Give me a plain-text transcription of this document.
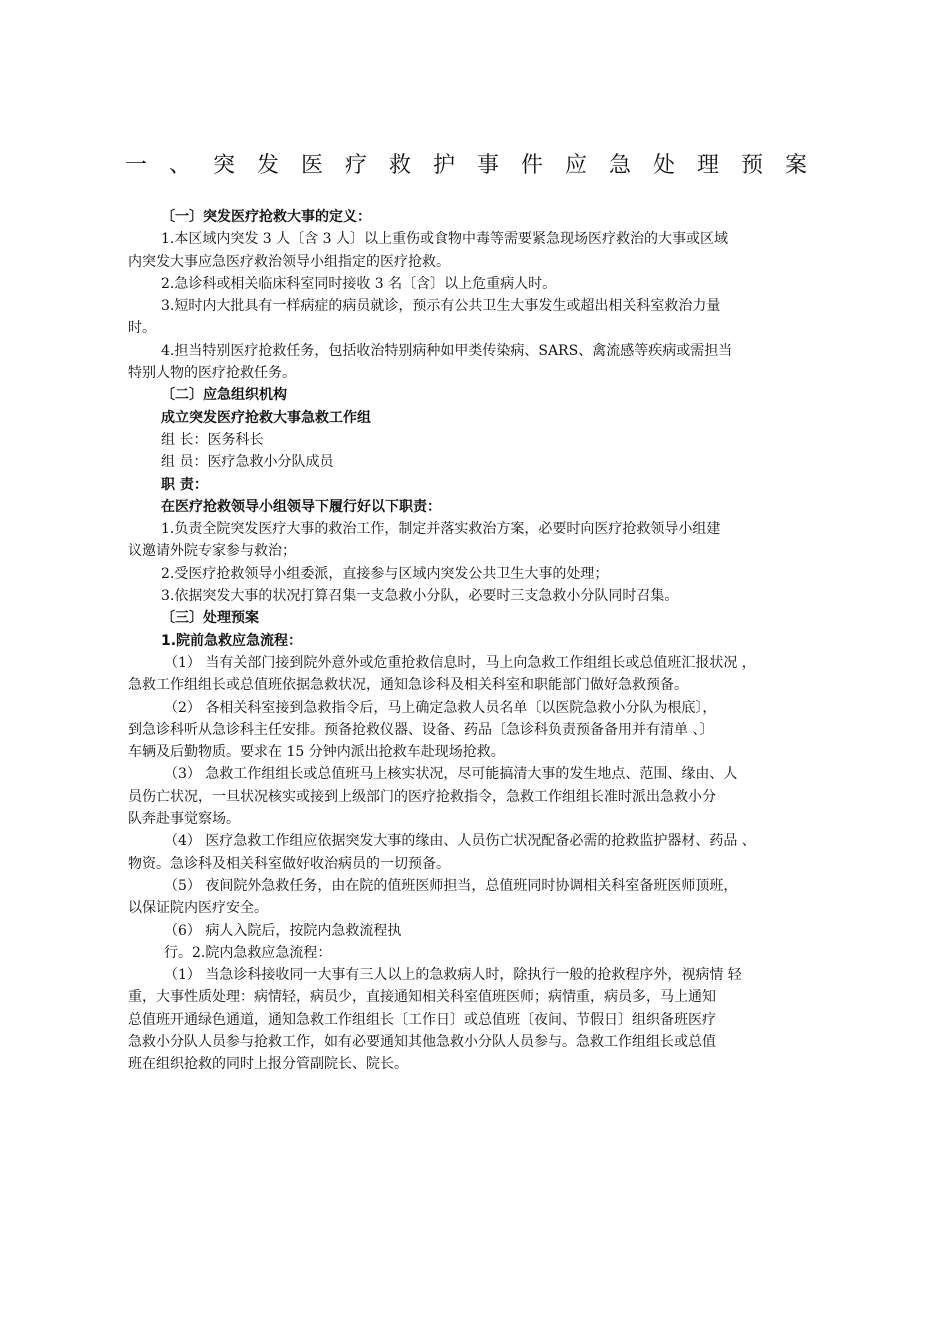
一、突发医疗救护事件应急处理预案

〔一〕突发医疗抢救大事的定义：

1.本区域内突发 3 人〔含 3 人〕以上重伤或食物中毒等需要紧急现场医疗救治的大事或区域

内突发大事应急医疗救治领导小组指定的医疗抢救。

2.急诊科或相关临床科室同时接收 3 名〔含〕以上危重病人时。

3.短时内大批具有一样病症的病员就诊，预示有公共卫生大事发生或超出相关科室救治力量

时。

4.担当特别医疗抢救任务，包括收治特别病种如甲类传染病、SARS、禽流感等疾病或需担当

特别人物的医疗抢救任务。

〔二〕应急组织机构

成立突发医疗抢救大事急救工作组

组 长：医务科长

组 员：医疗急救小分队成员

职 责：

在医疗抢救领导小组领导下履行好以下职责：

1.负责全院突发医疗大事的救治工作，制定并落实救治方案，必要时向医疗抢救领导小组建

议邀请外院专家参与救治；

2.受医疗抢救领导小组委派，直接参与区域内突发公共卫生大事的处理；

3.依据突发大事的状况打算召集一支急救小分队，必要时三支急救小分队同时召集。

〔三〕处理预案

1.院前急救应急流程：

（1） 当有关部门接到院外意外或危重抢救信息时，马上向急救工作组组长或总值班汇报状况 ，

急救工作组组长或总值班依据急救状况，通知急诊科及相关科室和职能部门做好急救预备。

（2） 各相关科室接到急救指令后，马上确定急救人员名单〔以医院急救小分队为根底〕，

到急诊科听从急诊科主任安排。预备抢救仪器、设备、药品〔急诊科负责预备备用并有清单 、〕

车辆及后勤物质。要求在 15 分钟内派出抢救车赴现场抢救。

（3） 急救工作组组长或总值班马上核实状况，尽可能搞清大事的发生地点、范围、缘由、人

员伤亡状况，一旦状况核实或接到上级部门的医疗抢救指令，急救工作组组长准时派出急救小分

队奔赴事觉察场。

（4） 医疗急救工作组应依据突发大事的缘由、人员伤亡状况配备必需的抢救监护器材、药品 、

物资。急诊科及相关科室做好收治病员的一切预备。

（5） 夜间院外急救任务，由在院的值班医师担当，总值班同时协调相关科室备班医师顶班，

以保证院内医疗安全。

（6） 病人入院后，按院内急救流程执

行。2.院内急救应急流程：

（1） 当急诊科接收同一大事有三人以上的急救病人时，除执行一般的抢救程序外，视病情 轻

重，大事性质处理：病情轻，病员少，直接通知相关科室值班医师；病情重，病员多，马上通知

总值班开通绿色通道，通知急救工作组组长〔工作日〕或总值班〔夜间、节假日〕组织备班医疗

急救小分队人员参与抢救工作，如有必要通知其他急救小分队人员参与。急救工作组组长或总值

班在组织抢救的同时上报分管副院长、院长。
